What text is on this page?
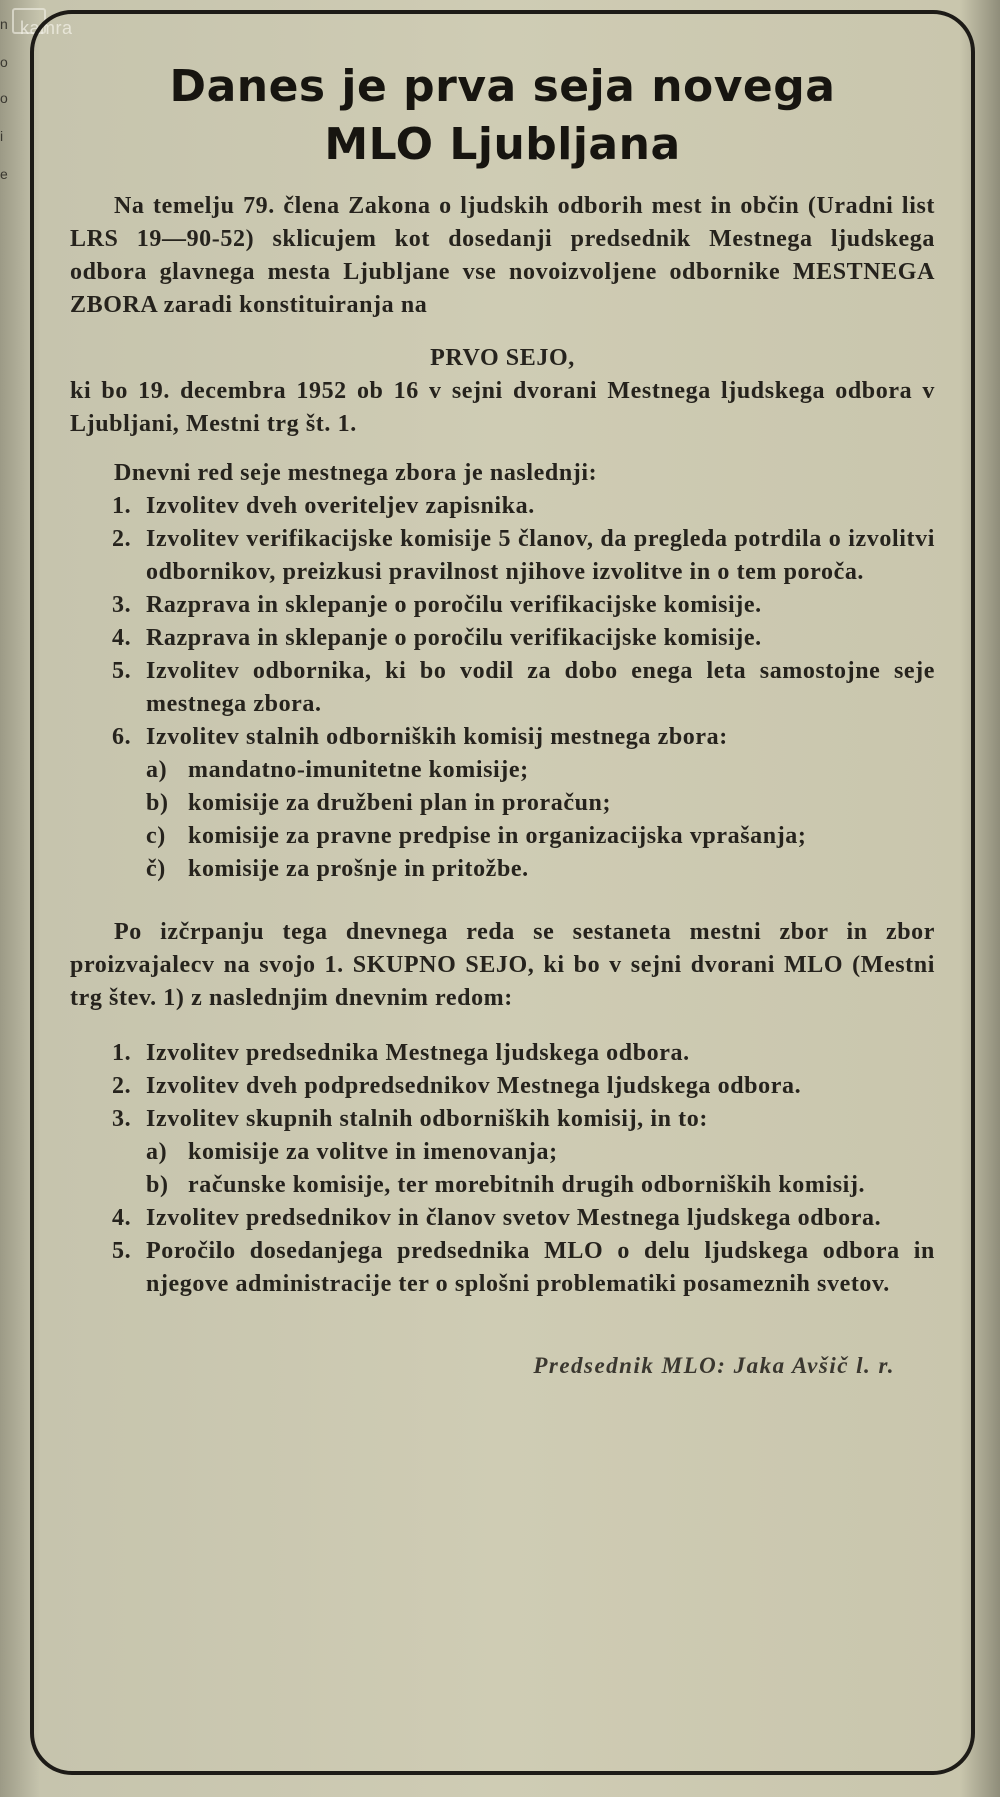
kamra
n
o
o
i
e
Danes je prva seja novega
MLO Ljubljana

Na temelju 79. člena Zakona o ljudskih odborih mest in občin (Uradni list LRS 19—90-52) sklicujem kot dosedanji predsednik Mestnega ljudskega odbora glavnega mesta Ljubljane vse novoizvoljene odbornike MESTNEGA ZBORA zaradi konstituiranja na

PRVO SEJO,

ki bo 19. decembra 1952 ob 16 v sejni dvorani Mestnega ljudskega odbora v Ljubljani, Mestni trg št. 1.

Dnevni red seje mestnega zbora je naslednji:

1. Izvolitev dveh overiteljev zapisnika.
2. Izvolitev verifikacijske komisije 5 članov, da pregleda potrdila o izvolitvi odbornikov, preizkusi pravilnost njihove izvolitve in o tem poroča.
3. Razprava in sklepanje o poročilu verifikacijske komisije.
4. Razprava in sklepanje o poročilu verifikacijske komisije.
5. Izvolitev odbornika, ki bo vodil za dobo enega leta samostojne seje mestnega zbora.
6. Izvolitev stalnih odborniških komisij mestnega zbora:
a) mandatno-imunitetne komisije;
b) komisije za družbeni plan in proračun;
c) komisije za pravne predpise in organizacijska vprašanja;
č) komisije za prošnje in pritožbe.

Po izčrpanju tega dnevnega reda se sestaneta mestni zbor in zbor proizvajalecv na svojo 1. SKUPNO SEJO, ki bo v sejni dvorani MLO (Mestni trg štev. 1) z naslednjim dnevnim redom:

1. Izvolitev predsednika Mestnega ljudskega odbora.
2. Izvolitev dveh podpredsednikov Mestnega ljudskega odbora.
3. Izvolitev skupnih stalnih odborniških komisij, in to:
a) komisije za volitve in imenovanja;
b) računske komisije, ter morebitnih drugih odborniških komisij.
4. Izvolitev predsednikov in članov svetov Mestnega ljudskega odbora.
5. Poročilo dosedanjega predsednika MLO o delu ljudskega odbora in njegove administracije ter o splošni problematiki posameznih svetov.

Predsednik MLO: Jaka Avšič l. r.
